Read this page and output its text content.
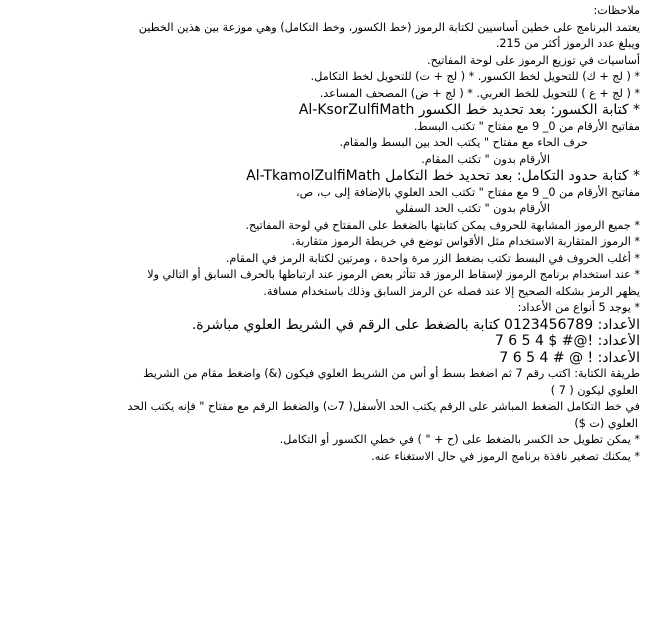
ملاحظات:
يعتمد البرنامج على خطين أساسيين لكتابة الرموز (خط الكسور، وخط التكامل) وهي موزعة بين هذين الخطين
ويبلغ عدد الرموز أكثر من 215.
أساسيات في توزيع الرموز على لوحة المفاتيح.
* ( لج + ك) للتحويل لخط الكسور. * ( لج + ت) للتحويل لخط التكامل.
* ( لج + ع ) للتحويل للخط العربي. * ( لج + ض) المصحف المساعد.
* كتابة الكسور: بعد تحديد خط الكسور Al-KsorZulfiMath
مفاتيح الأرقام من 0_ 9 مع مفتاح " تكتب البسط.
حرف الحاء مع مفتاح " يكتب الحد بين البسط والمقام.
الأرقام بدون " تكتب المقام.
* كتابة حدود التكامل: بعد تحديد خط التكامل Al-TkamolZulfiMath
مفاتيح الأرقام من 0_ 9 مع مفتاح " تكتب الحد العلوي بالإضافة إلى ب، ص،
الأرقام بدون " تكتب الحد السفلي
* جميع الرموز المشابهة للحروف يمكن كتابتها بالضغط على المفتاح في لوحة المفاتيح.
* الرموز المتقاربة الاستخدام مثل الأقواس توضع في خريطة الرموز متقاربة.
* أغلب الحروف في البسط تكتب بضغط الزر مرة واحدة ، ومرتين لكتابة الرمز في المقام.
* عند استخدام برنامج الرموز لإسقاط الرموز قد تتأثر بعض الرموز عند ارتباطها بالحرف السابق أو التالي ولا
يظهر الرمز بشكله الصحيح إلا عند فصله عن الرمز السابق وذلك باستخدام مسافة.
* يوجد 5 أنواع من الأعداد:
الأعداد: 0123456789 كتابة بالضغط على الرقم في الشريط العلوي مباشرة.
الأعداد: !@# $ 4 5 6 7
الأعداد: ! @ # 4 5 6 7
طريقة الكتابة: اكتب رقم 7 ثم اضغط بسط أو أس من الشريط العلوي فيكون (&) واضغط مقام من الشريط
العلوي ليكون ( 7 )
في خط التكامل الضغط المباشر على الرقم يكتب الحد الأسفل( 7ت) والضغط الرقم مع مفتاح " فإنه يكتب الحد
العلوي (ت $)
* يمكن تطويل حد الكسر بالضغط على (ح + " ) في خطي الكسور أو التكامل.
* يمكنك تصغير نافذة برنامج الرموز في حال الاستغناء عنه.
